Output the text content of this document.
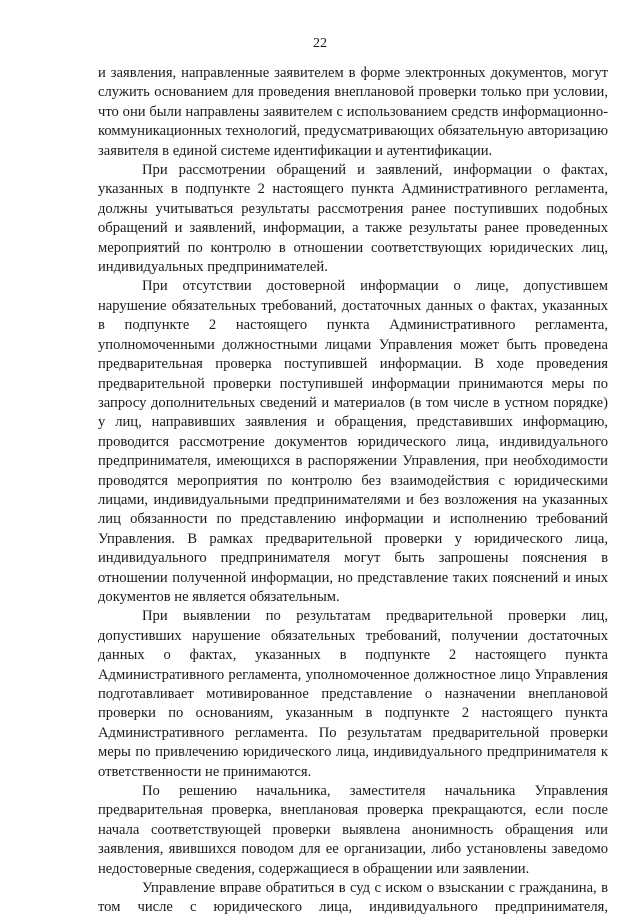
22

и заявления, направленные заявителем в форме электронных документов, могут служить основанием для проведения внеплановой проверки только при условии, что они были направлены заявителем с использованием средств информационно-коммуникационных технологий, предусматривающих обязательную авторизацию заявителя в единой системе идентификации и аутентификации.

При рассмотрении обращений и заявлений, информации о фактах, указанных в подпункте 2 настоящего пункта Административного регламента, должны учитываться результаты рассмотрения ранее поступивших подобных обращений и заявлений, информации, а также результаты ранее проведенных мероприятий по контролю в отношении соответствующих юридических лиц, индивидуальных предпринимателей.

При отсутствии достоверной информации о лице, допустившем нарушение обязательных требований, достаточных данных о фактах, указанных в подпункте 2 настоящего пункта Административного регламента, уполномоченными должностными лицами Управления может быть проведена предварительная проверка поступившей информации. В ходе проведения предварительной проверки поступившей информации принимаются меры по запросу дополнительных сведений и материалов (в том числе в устном порядке) у лиц, направивших заявления и обращения, представивших информацию, проводится рассмотрение документов юридического лица, индивидуального предпринимателя, имеющихся в распоряжении Управления, при необходимости проводятся мероприятия по контролю без взаимодействия с юридическими лицами, индивидуальными предпринимателями и без возложения на указанных лиц обязанности по представлению информации и исполнению требований Управления. В рамках предварительной проверки у юридического лица, индивидуального предпринимателя могут быть запрошены пояснения в отношении полученной информации, но представление таких пояснений и иных документов не является обязательным.

При выявлении по результатам предварительной проверки лиц, допустивших нарушение обязательных требований, получении достаточных данных о фактах, указанных в подпункте 2 настоящего пункта Административного регламента, уполномоченное должностное лицо Управления подготавливает мотивированное представление о назначении внеплановой проверки по основаниям, указанным в подпункте 2 настоящего пункта Административного регламента. По результатам предварительной проверки меры по привлечению юридического лица, индивидуального предпринимателя к ответственности не принимаются.

По решению начальника, заместителя начальника Управления предварительная проверка, внеплановая проверка прекращаются, если после начала соответствующей проверки выявлена анонимность обращения или заявления, явившихся поводом для ее организации, либо установлены заведомо недостоверные сведения, содержащиеся в обращении или заявлении.

Управление вправе обратиться в суд с иском о взыскании с гражданина, в том числе с юридического лица, индивидуального предпринимателя,
